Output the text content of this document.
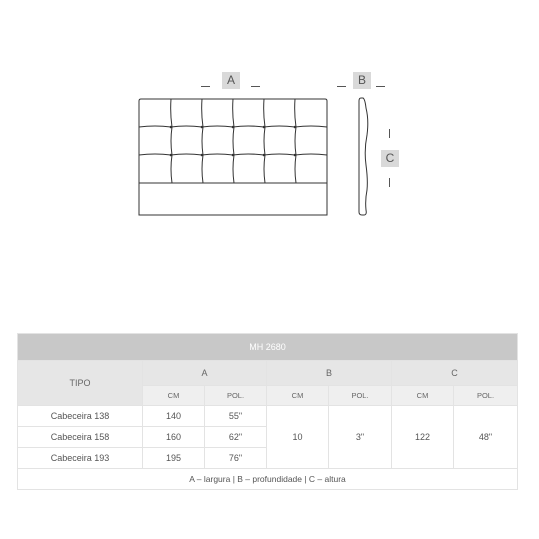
A	B
C
MH 2680						
TIPO	A		B		C	
	CM	POL.	CM	POL.	CM	POL.
Cabeceira 138	140	55"	10	3"	122	48"
Cabeceira 158	160	62"				
Cabeceira 193	195	76"				
A – largura | B – profundidade | C – altura						
